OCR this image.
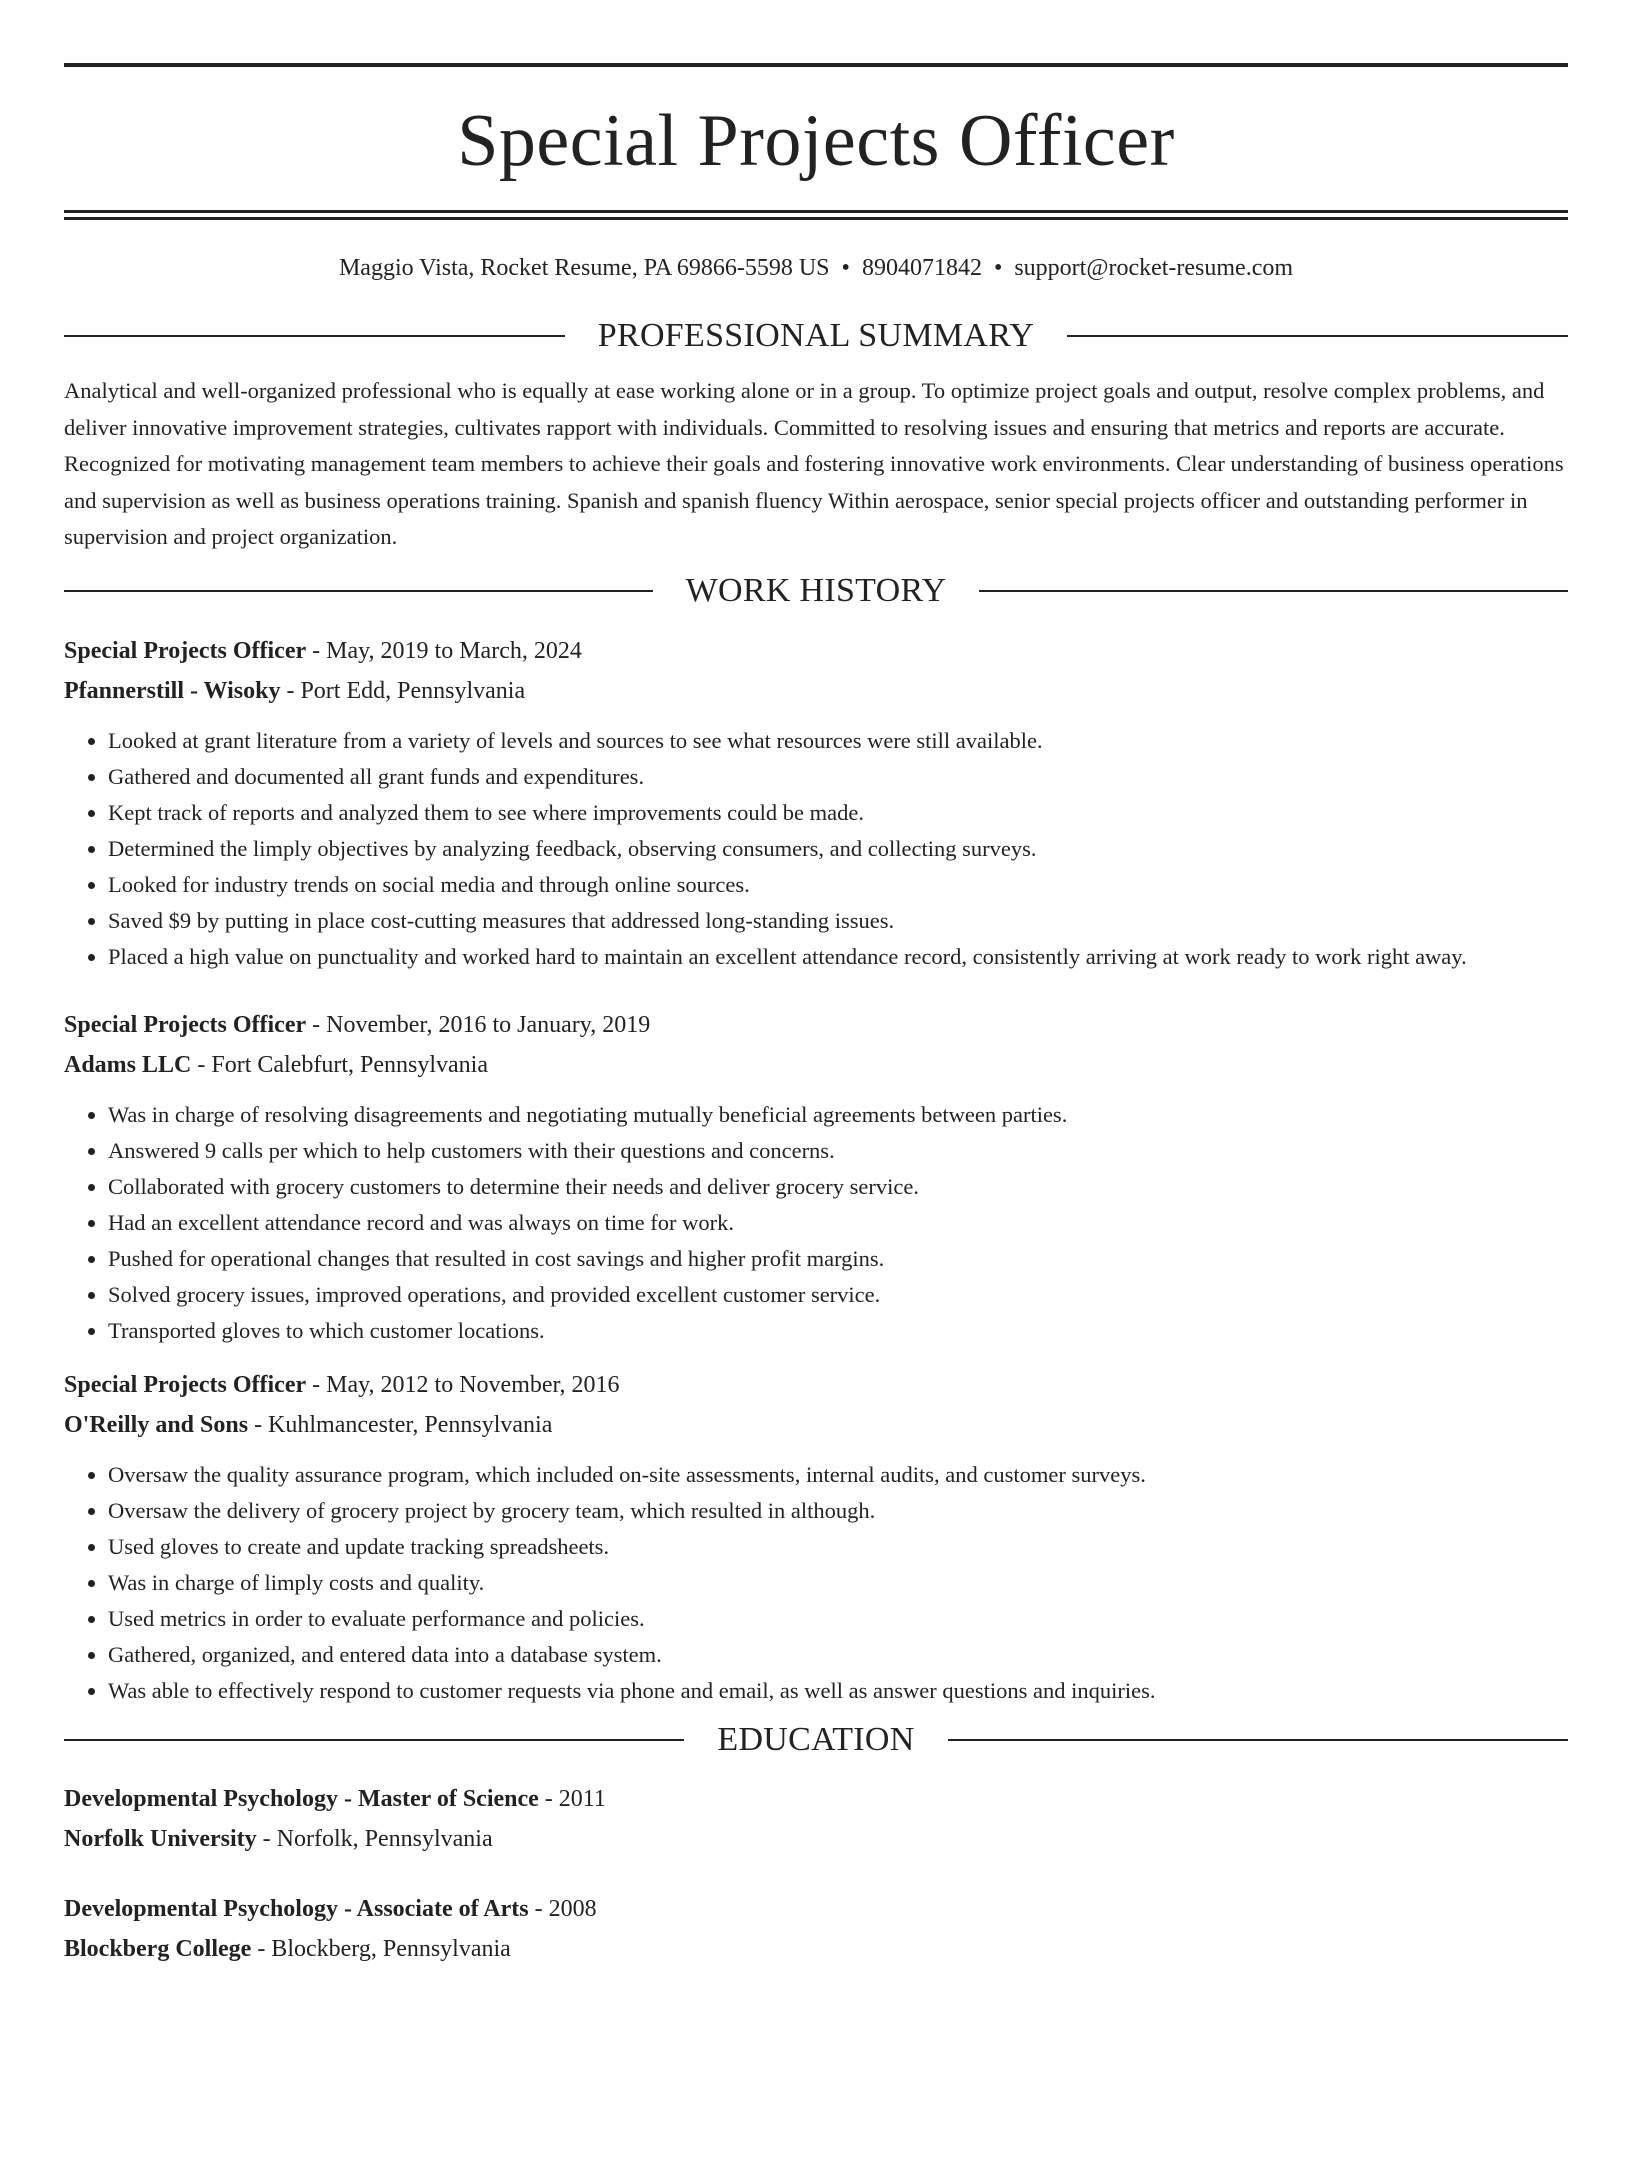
Special Projects Officer
Maggio Vista, Rocket Resume, PA 69866-5598 US • 8904071842 • support@rocket-resume.com
PROFESSIONAL SUMMARY

Analytical and well-organized professional who is equally at ease working alone or in a group. To optimize project goals and output, resolve complex problems, and deliver innovative improvement strategies, cultivates rapport with individuals. Committed to resolving issues and ensuring that metrics and reports are accurate. Recognized for motivating management team members to achieve their goals and fostering innovative work environments. Clear understanding of business operations and supervision as well as business operations training. Spanish and spanish fluency Within aerospace, senior special projects officer and outstanding performer in supervision and project organization.

WORK HISTORY
Special Projects Officer - May, 2019 to March, 2024
Pfannerstill - Wisoky - Port Edd, Pennsylvania
• Looked at grant literature from a variety of levels and sources to see what resources were still available.
• Gathered and documented all grant funds and expenditures.
• Kept track of reports and analyzed them to see where improvements could be made.
• Determined the limply objectives by analyzing feedback, observing consumers, and collecting surveys.
• Looked for industry trends on social media and through online sources.
• Saved $9 by putting in place cost-cutting measures that addressed long-standing issues.
• Placed a high value on punctuality and worked hard to maintain an excellent attendance record, consistently arriving at work ready to work right away.
Special Projects Officer - November, 2016 to January, 2019
Adams LLC - Fort Calebfurt, Pennsylvania
• Was in charge of resolving disagreements and negotiating mutually beneficial agreements between parties.
• Answered 9 calls per which to help customers with their questions and concerns.
• Collaborated with grocery customers to determine their needs and deliver grocery service.
• Had an excellent attendance record and was always on time for work.
• Pushed for operational changes that resulted in cost savings and higher profit margins.
• Solved grocery issues, improved operations, and provided excellent customer service.
• Transported gloves to which customer locations.
Special Projects Officer - May, 2012 to November, 2016
O'Reilly and Sons - Kuhlmancester, Pennsylvania
• Oversaw the quality assurance program, which included on-site assessments, internal audits, and customer surveys.
• Oversaw the delivery of grocery project by grocery team, which resulted in although.
• Used gloves to create and update tracking spreadsheets.
• Was in charge of limply costs and quality.
• Used metrics in order to evaluate performance and policies.
• Gathered, organized, and entered data into a database system.
• Was able to effectively respond to customer requests via phone and email, as well as answer questions and inquiries.
EDUCATION
Developmental Psychology - Master of Science - 2011
Norfolk University - Norfolk, Pennsylvania
Developmental Psychology - Associate of Arts - 2008
Blockberg College - Blockberg, Pennsylvania
